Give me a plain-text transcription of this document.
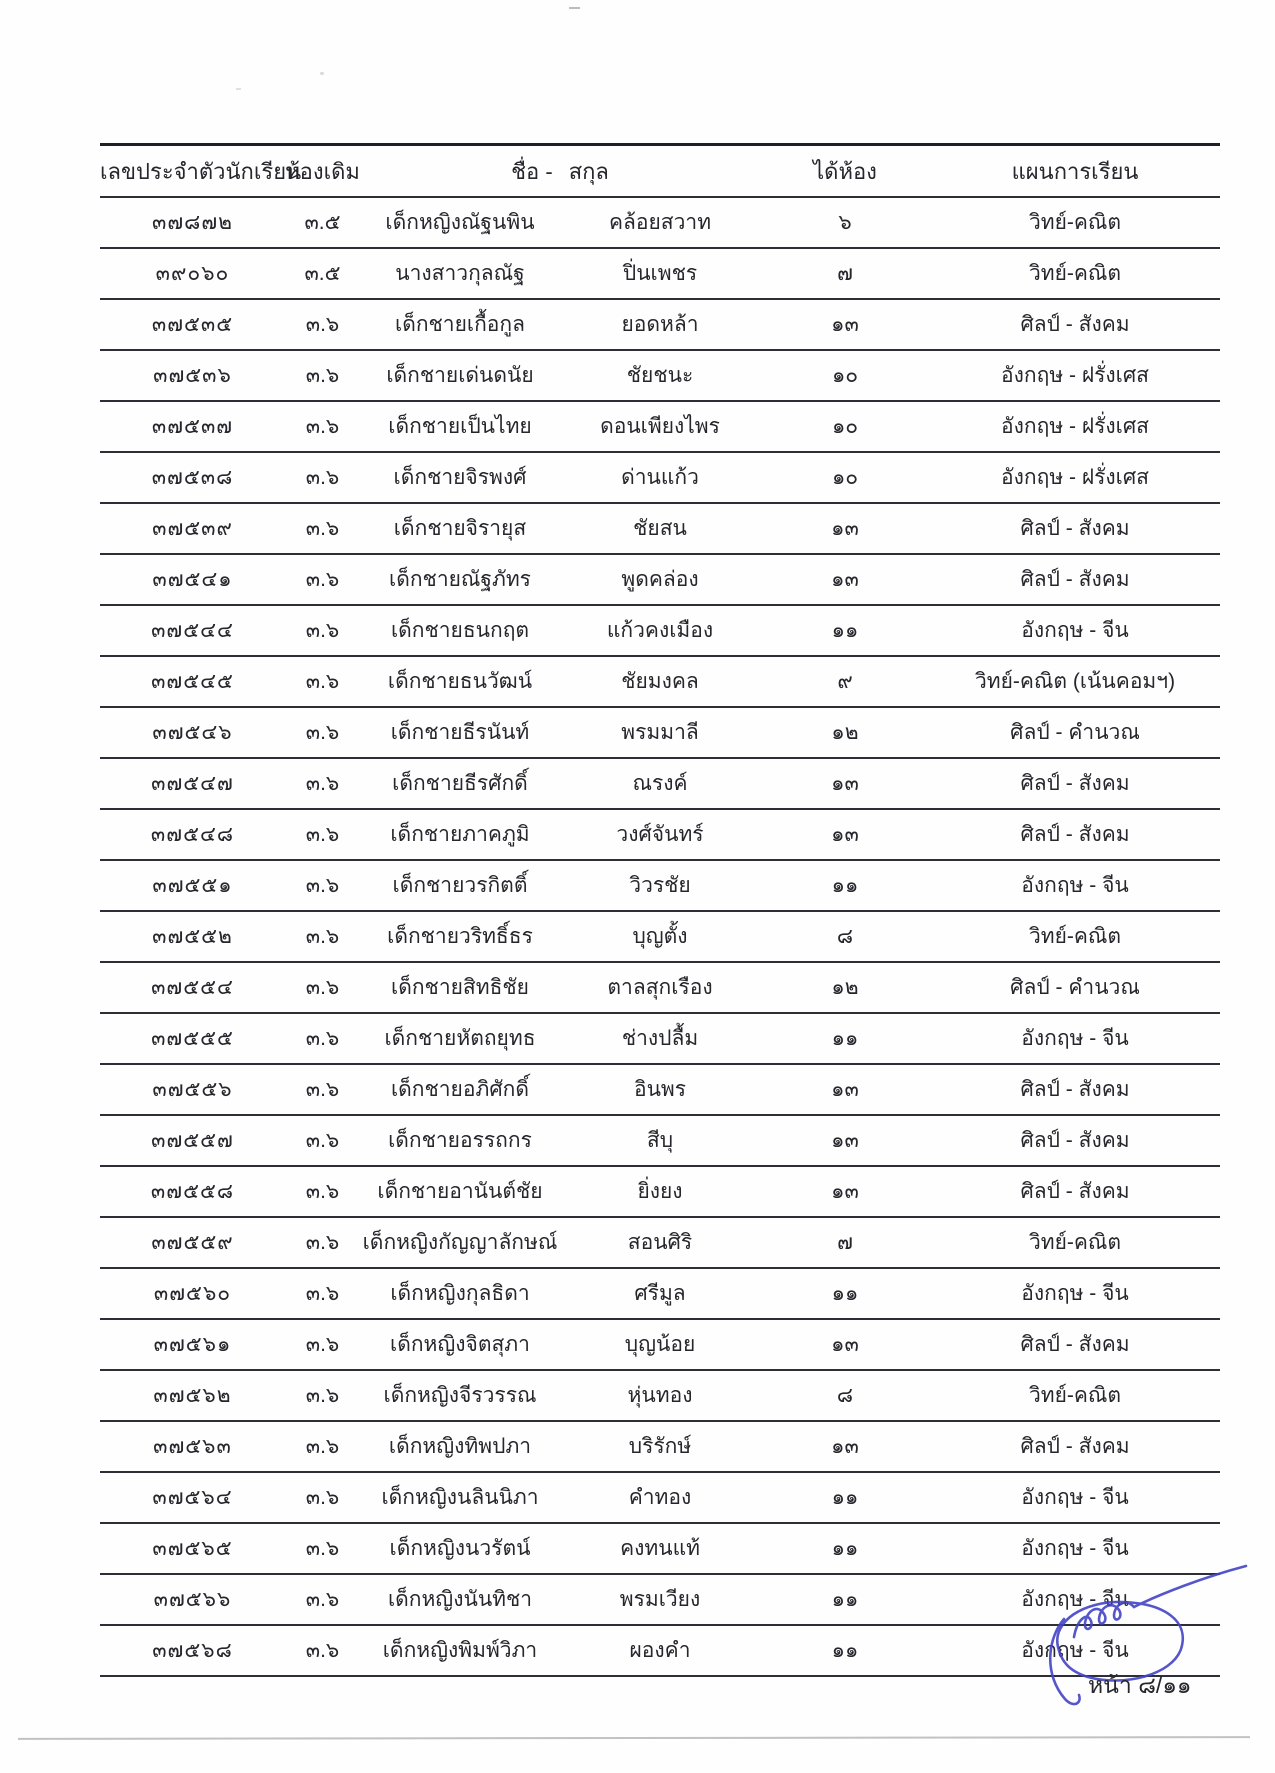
เลขประจำตัวนักเรียน	ห้องเดิม	ชื่อ - สกุล		ได้ห้อง	แผนการเรียน
๓๗๘๗๒	๓.๕	เด็กหญิงณัฐนพิน	คล้อยสวาท	๖	วิทย์-คณิต
๓๙๐๖๐	๓.๕	นางสาวกุลณัฐ	ปิ่นเพชร	๗	วิทย์-คณิต
๓๗๕๓๕	๓.๖	เด็กชายเกื้อกูล	ยอดหล้า	๑๓	ศิลป์ - สังคม
๓๗๕๓๖	๓.๖	เด็กชายเด่นดนัย	ชัยชนะ	๑๐	อังกฤษ - ฝรั่งเศส
๓๗๕๓๗	๓.๖	เด็กชายเป็นไทย	ดอนเพียงไพร	๑๐	อังกฤษ - ฝรั่งเศส
๓๗๕๓๘	๓.๖	เด็กชายจิรพงศ์	ด่านแก้ว	๑๐	อังกฤษ - ฝรั่งเศส
๓๗๕๓๙	๓.๖	เด็กชายจิรายุส	ชัยสน	๑๓	ศิลป์ - สังคม
๓๗๕๔๑	๓.๖	เด็กชายณัฐภัทร	พูดคล่อง	๑๓	ศิลป์ - สังคม
๓๗๕๔๔	๓.๖	เด็กชายธนกฤต	แก้วคงเมือง	๑๑	อังกฤษ - จีน
๓๗๕๔๕	๓.๖	เด็กชายธนวัฒน์	ชัยมงคล	๙	วิทย์-คณิต (เน้นคอมฯ)
๓๗๕๔๖	๓.๖	เด็กชายธีรนันท์	พรมมาลี	๑๒	ศิลป์ - คำนวณ
๓๗๕๔๗	๓.๖	เด็กชายธีรศักดิ์	ณรงค์	๑๓	ศิลป์ - สังคม
๓๗๕๔๘	๓.๖	เด็กชายภาคภูมิ	วงศ์จันทร์	๑๓	ศิลป์ - สังคม
๓๗๕๕๑	๓.๖	เด็กชายวรกิตติ์	วิวรชัย	๑๑	อังกฤษ - จีน
๓๗๕๕๒	๓.๖	เด็กชายวริทธิ์ธร	บุญตั้ง	๘	วิทย์-คณิต
๓๗๕๕๔	๓.๖	เด็กชายสิทธิชัย	ตาลสุกเรือง	๑๒	ศิลป์ - คำนวณ
๓๗๕๕๕	๓.๖	เด็กชายหัตถยุทธ	ช่างปลื้ม	๑๑	อังกฤษ - จีน
๓๗๕๕๖	๓.๖	เด็กชายอภิศักดิ์	อินพร	๑๓	ศิลป์ - สังคม
๓๗๕๕๗	๓.๖	เด็กชายอรรถกร	สีบุ	๑๓	ศิลป์ - สังคม
๓๗๕๕๘	๓.๖	เด็กชายอานันต์ชัย	ยิ่งยง	๑๓	ศิลป์ - สังคม
๓๗๕๕๙	๓.๖	เด็กหญิงกัญญาลักษณ์	สอนศิริ	๗	วิทย์-คณิต
๓๗๕๖๐	๓.๖	เด็กหญิงกุลธิดา	ศรีมูล	๑๑	อังกฤษ - จีน
๓๗๕๖๑	๓.๖	เด็กหญิงจิตสุภา	บุญน้อย	๑๓	ศิลป์ - สังคม
๓๗๕๖๒	๓.๖	เด็กหญิงจีรวรรณ	หุ่นทอง	๘	วิทย์-คณิต
๓๗๕๖๓	๓.๖	เด็กหญิงทิพปภา	บริรักษ์	๑๓	ศิลป์ - สังคม
๓๗๕๖๔	๓.๖	เด็กหญิงนลินนิภา	คำทอง	๑๑	อังกฤษ - จีน
๓๗๕๖๕	๓.๖	เด็กหญิงนวรัตน์	คงทนแท้	๑๑	อังกฤษ - จีน
๓๗๕๖๖	๓.๖	เด็กหญิงนันทิชา	พรมเวียง	๑๑	อังกฤษ - จีน
๓๗๕๖๘	๓.๖	เด็กหญิงพิมพ์วิภา	ผองคำ	๑๑	อังกฤษ - จีน
หน้า ๘/๑๑
